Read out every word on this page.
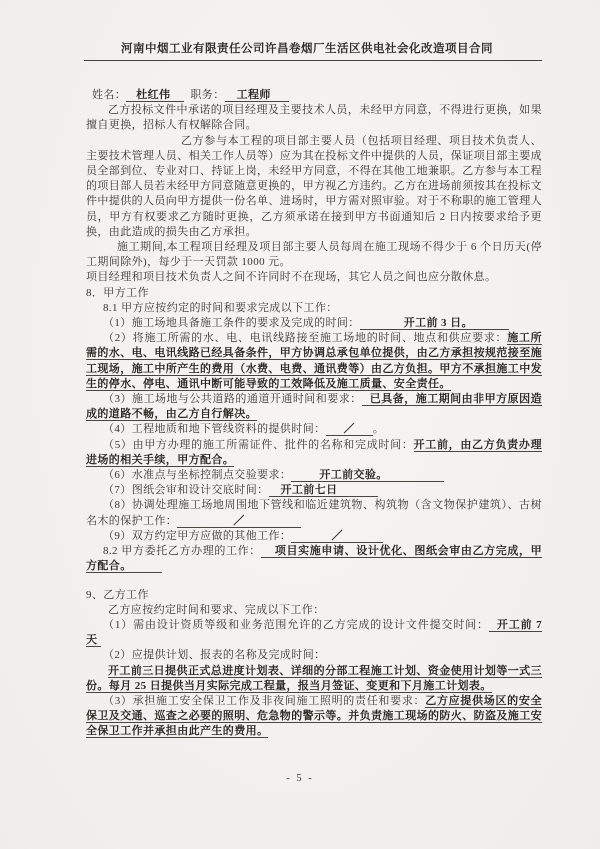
河南中烟工业有限责任公司许昌卷烟厂生活区供电社会化改造项目合同

姓名： 杜红伟 职务： 工程师

乙方投标文件中承诺的项目经理及主要技术人员，未经甲方同意，不得进行更换，如果擅自更换，招标人有权解除合同。

乙方参与本工程的项目部主要人员（包括项目经理、项目技术负责人、主要技术管理人员、相关工作人员等）应为其在投标文件中提供的人员，保证项目部主要成员全部到位、专业对口、持证上岗，未经甲方同意，不得在其他工地兼职。乙方参与本工程的项目部人员若未经甲方同意随意更换的，甲方视乙方违约。乙方在进场前须按其在投标文件中提供的人员向甲方提供一份名单、进场时，甲方需对照审验。对于不称职的施工管理人员，甲方有权要求乙方随时更换，乙方须承诺在接到甲方书面通知后 2 日内按要求给予更换，由此造成的损失由乙方承担。

施工期间,本工程项目经理及项目部主要人员每周在施工现场不得少于 6 个日历天(停工期间除外)，每少于一天罚款 1000 元。

项目经理和项目技术负责人之间不许同时不在现场，其它人员之间也应分散休息。

8．甲方工作

8.1 甲方应按约定的时间和要求完成以下工作：

（1）施工场地具备施工条件的要求及完成的时间：	开工前 3 日。

（2）将施工所需的水、电、电讯线路接至施工场地的时间、地点和供应要求：施工所需的水、电、电讯线路已经具备条件，甲方协调总承包单位提供，由乙方承担按规范接至施工现场，施工中所产生的费用（水费、电费、通讯费等）由乙方负担。甲方不承担施工中发生的停水、停电、通讯中断可能导致的工效降低及施工质量、安全责任。

（3）施工场地与公共道路的通道开通时间和要求： 已具备，施工期间由非甲方原因造成的道路不畅，由乙方自行解决。

（4）工程地质和地下管线资料的提供时间： ／ 。

（5）由甲方办理的施工所需证件、批件的名称和完成时间：开工前，由乙方负责办理进场的相关手续，甲方配合。

（6）水准点与坐标控制点交验要求：	开工前交验。

（7）图纸会审和设计交底时间： 开工前七日

（8）协调处理施工场地周围地下管线和临近建筑物、构筑物（含文物保护建筑）、古树名木的保护工作：	／

（9）双方约定甲方应做的其他工作：	／

8.2 甲方委托乙方办理的工作： 项目实施申请、设计优化、图纸会审由乙方完成，甲方配合。

9、乙方工作

乙方应按约定时间和要求、完成以下工作：

（1）需由设计资质等级和业务范围允许的乙方完成的设计文件提交时间： 开工前 7 天

（2）应提供计划、报表的名称及完成时间：

开工前三日提供正式总进度计划表、详细的分部工程施工计划、资金使用计划等一式三份。每月 25 日提供当月实际完成工程量，报当月签证、变更和下月施工计划表。

（3）承担施工安全保卫工作及非夜间施工照明的责任和要求：乙方应提供场区的安全保卫及交通、巡查之必要的照明、危急物的警示等。并负责施工现场的防火、防盗及施工安全保卫工作并承担由此产生的费用。

- 5 -
